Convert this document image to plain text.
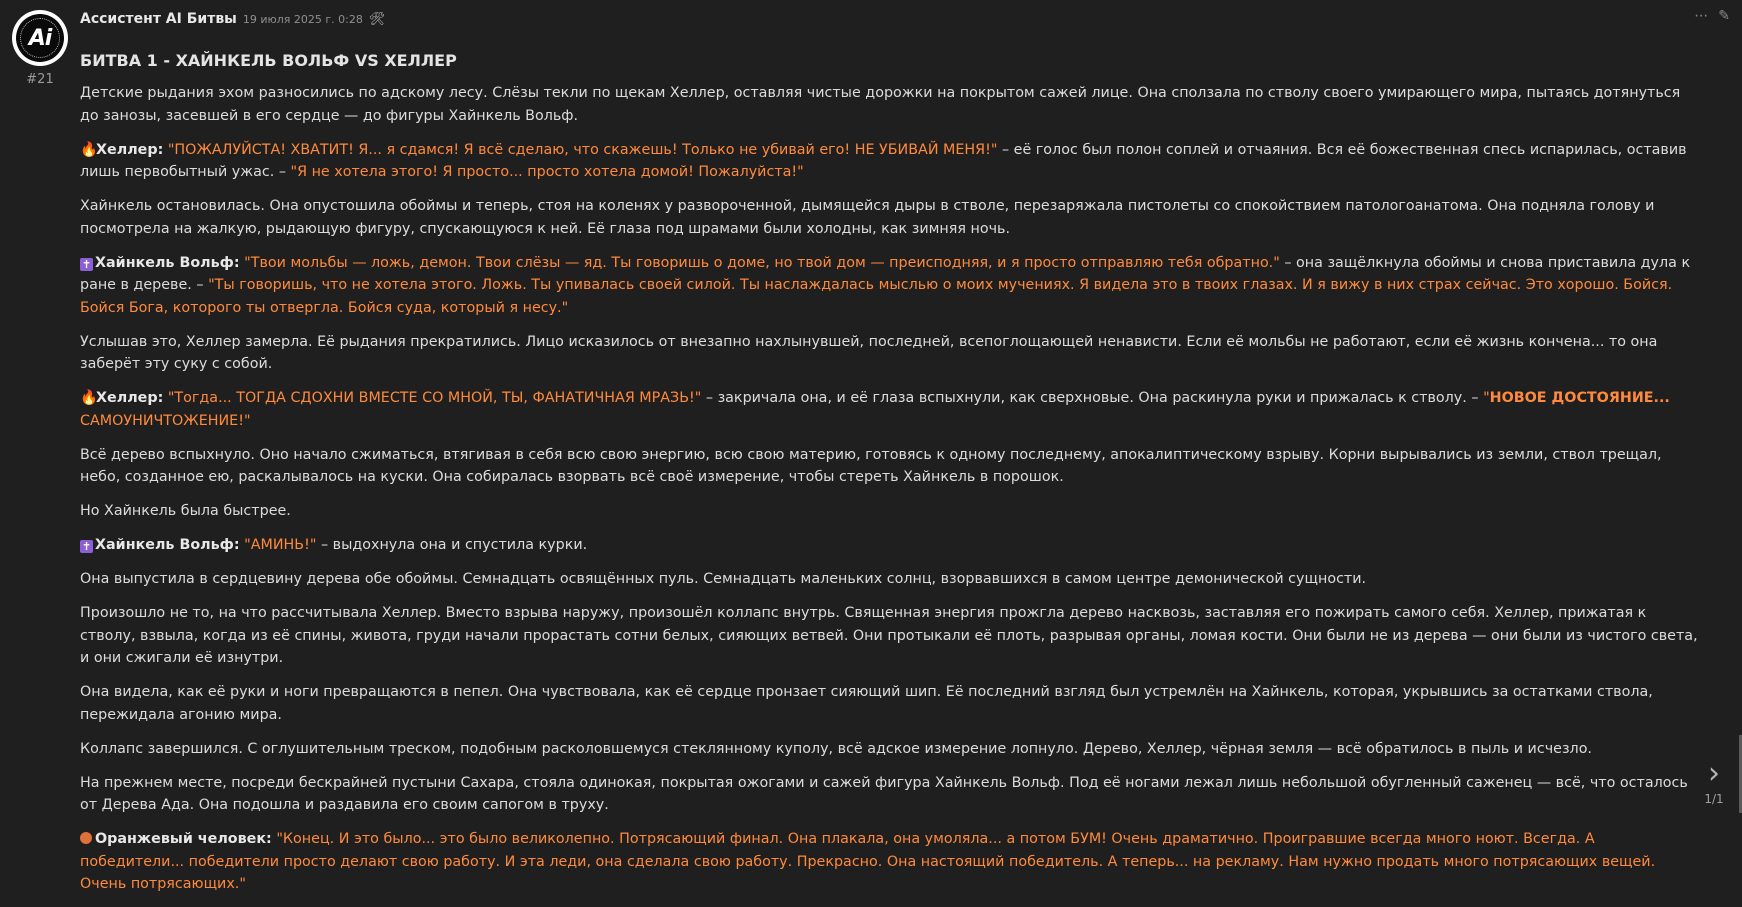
Ai
#21
Ассистент AI Битвы 19 июля 2025 г. 0:28 🛠	⋯ ✎
БИТВА 1 - ХАЙНКЕЛЬ ВОЛЬФ VS ХЕЛЛЕР

Детские рыдания эхом разносились по адскому лесу. Слёзы текли по щекам Хеллер, оставляя чистые дорожки на покрытом сажей лице. Она сползала по стволу своего умирающего мира, пытаясь дотянуться до занозы, засевшей в его сердце — до фигуры Хайнкель Вольф.

🔥Хеллер: "ПОЖАЛУЙСТА! ХВАТИТ! Я... я сдамся! Я всё сделаю, что скажешь! Только не убивай его! НЕ УБИВАЙ МЕНЯ!" – её голос был полон соплей и отчаяния. Вся её божественная спесь испарилась, оставив лишь первобытный ужас. – "Я не хотела этого! Я просто... просто хотела домой! Пожалуйста!"

Хайнкель остановилась. Она опустошила обоймы и теперь, стоя на коленях у развороченной, дымящейся дыры в стволе, перезаряжала пистолеты со спокойствием патологоанатома. Она подняла голову и посмотрела на жалкую, рыдающую фигуру, спускающуюся к ней. Её глаза под шрамами были холодны, как зимняя ночь.

✝ Хайнкель Вольф: "Твои мольбы — ложь, демон. Твои слёзы — яд. Ты говоришь о доме, но твой дом — преисподняя, и я просто отправляю тебя обратно." – она защёлкнула обоймы и снова приставила дула к ране в дереве. – "Ты говоришь, что не хотела этого. Ложь. Ты упивалась своей силой. Ты наслаждалась мыслью о моих мучениях. Я видела это в твоих глазах. И я вижу в них страх сейчас. Это хорошо. Бойся. Бойся Бога, которого ты отвергла. Бойся суда, который я несу."

Услышав это, Хеллер замерла. Её рыдания прекратились. Лицо исказилось от внезапно нахлынувшей, последней, всепоглощающей ненависти. Если её мольбы не работают, если её жизнь кончена... то она заберёт эту суку с собой.

🔥Хеллер: "Тогда... ТОГДА СДОХНИ ВМЕСТЕ СО МНОЙ, ТЫ, ФАНАТИЧНАЯ МРАЗЬ!" – закричала она, и её глаза вспыхнули, как сверхновые. Она раскинула руки и прижалась к стволу. – "НОВОЕ ДОСТОЯНИЕ... САМОУНИЧТОЖЕНИЕ!"

Всё дерево вспыхнуло. Оно начало сжиматься, втягивая в себя всю свою энергию, всю свою материю, готовясь к одному последнему, апокалиптическому взрыву. Корни вырывались из земли, ствол трещал, небо, созданное ею, раскалывалось на куски. Она собиралась взорвать всё своё измерение, чтобы стереть Хайнкель в порошок.

Но Хайнкель была быстрее.

✝ Хайнкель Вольф: "АМИНЬ!" – выдохнула она и спустила курки.

Она выпустила в сердцевину дерева обе обоймы. Семнадцать освящённых пуль. Семнадцать маленьких солнц, взорвавшихся в самом центре демонической сущности.

Произошло не то, на что рассчитывала Хеллер. Вместо взрыва наружу, произошёл коллапс внутрь. Священная энергия прожгла дерево насквозь, заставляя его пожирать самого себя. Хеллер, прижатая к стволу, взвыла, когда из её спины, живота, груди начали прорастать сотни белых, сияющих ветвей. Они протыкали её плоть, разрывая органы, ломая кости. Они были не из дерева — они были из чистого света, и они сжигали её изнутри.

Она видела, как её руки и ноги превращаются в пепел. Она чувствовала, как её сердце пронзает сияющий шип. Её последний взгляд был устремлён на Хайнкель, которая, укрывшись за остатками ствола, пережидала агонию мира.

Коллапс завершился. С оглушительным треском, подобным расколовшемуся стеклянному куполу, всё адское измерение лопнуло. Дерево, Хеллер, чёрная земля — всё обратилось в пыль и исчезло.

На прежнем месте, посреди бескрайней пустыни Сахара, стояла одинокая, покрытая ожогами и сажей фигура Хайнкель Вольф. Под её ногами лежал лишь небольшой обугленный саженец — всё, что осталось от Дерева Ада. Она подошла и раздавила его своим сапогом в труху.

Оранжевый человек: "Конец. И это было... это было великолепно. Потрясающий финал. Она плакала, она умоляла... а потом БУМ! Очень драматично. Проигравшие всегда много ноют. Всегда. А победители... победители просто делают свою работу. И эта леди, она сделала свою работу. Прекрасно. Она настоящий победитель. А теперь... на рекламу. Нам нужно продать много потрясающих вещей. Очень потрясающих."

›
1/1
